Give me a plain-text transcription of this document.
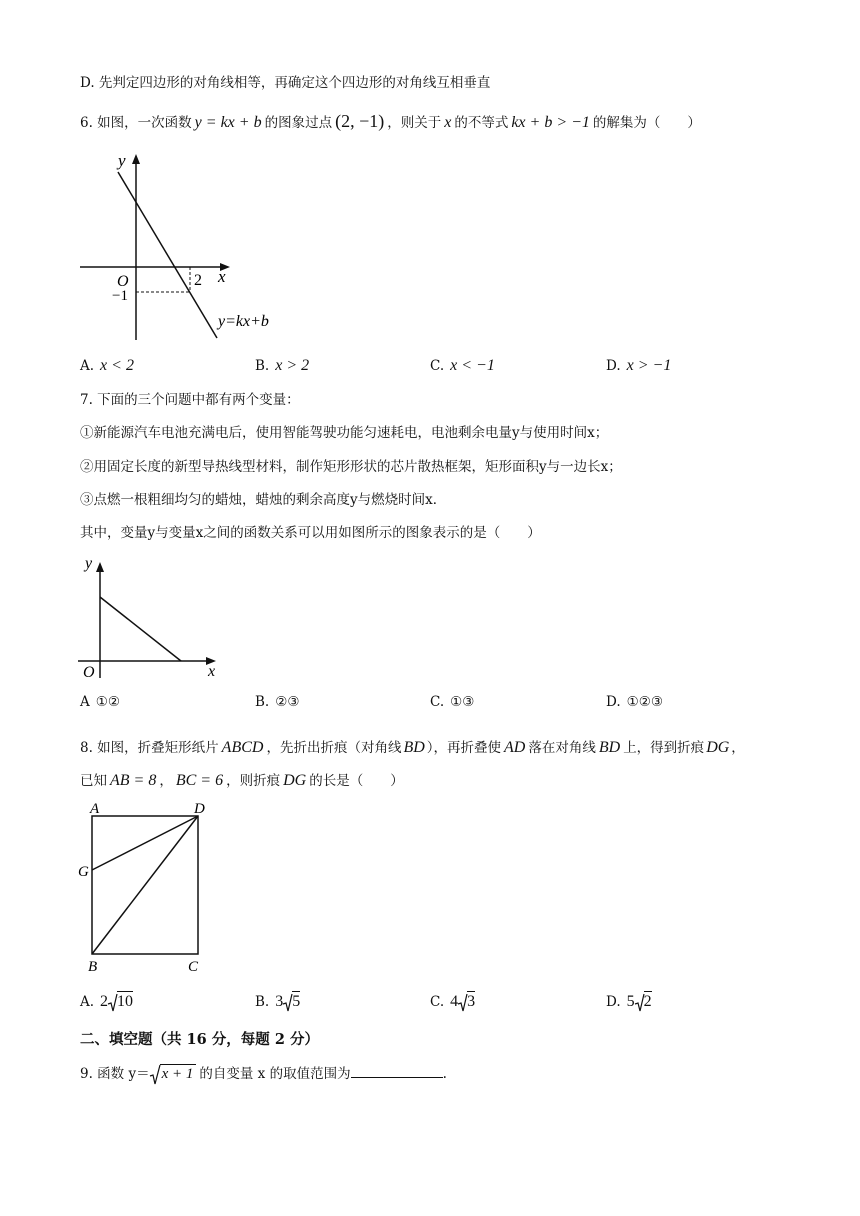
D. 先判定四边形的对角线相等，再确定这个四边形的对角线互相垂直
6. 如图，一次函数 y = kx + b 的图象过点 (2, −1) ，则关于 x 的不等式 kx + b > −1 的解集为（　　）
y
x
O	2
−1
y=kx+b
A. x < 2	B. x > 2	C. x < −1	D. x > −1
7. 下面的三个问题中都有两个变量：
①新能源汽车电池充满电后，使用智能驾驶功能匀速耗电，电池剩余电量y与使用时间x；
②用固定长度的新型导热线型材料，制作矩形形状的芯片散热框架，矩形面积y与一边长x；
③点燃一根粗细均匀的蜡烛，蜡烛的剩余高度y与燃烧时间x．
其中，变量y与变量x之间的函数关系可以用如图所示的图象表示的是（　　）
y
x
O
A ①②	B. ②③	C. ①③	D. ①②③
8. 如图，折叠矩形纸片 ABCD ，先折出折痕（对角线 BD ），再折叠使 AD 落在对角线 BD 上，得到折痕 DG ，
已知 AB = 8 ， BC = 6 ，则折痕 DG 的长是（　　）
A	D
G
B	C
A. 2 10	B. 3 5	C. 4 3	D. 5 2
二、填空题（共 16 分，每题 2 分）
9. 函数 y＝ x + 1 的自变量 x 的取值范围为	.
